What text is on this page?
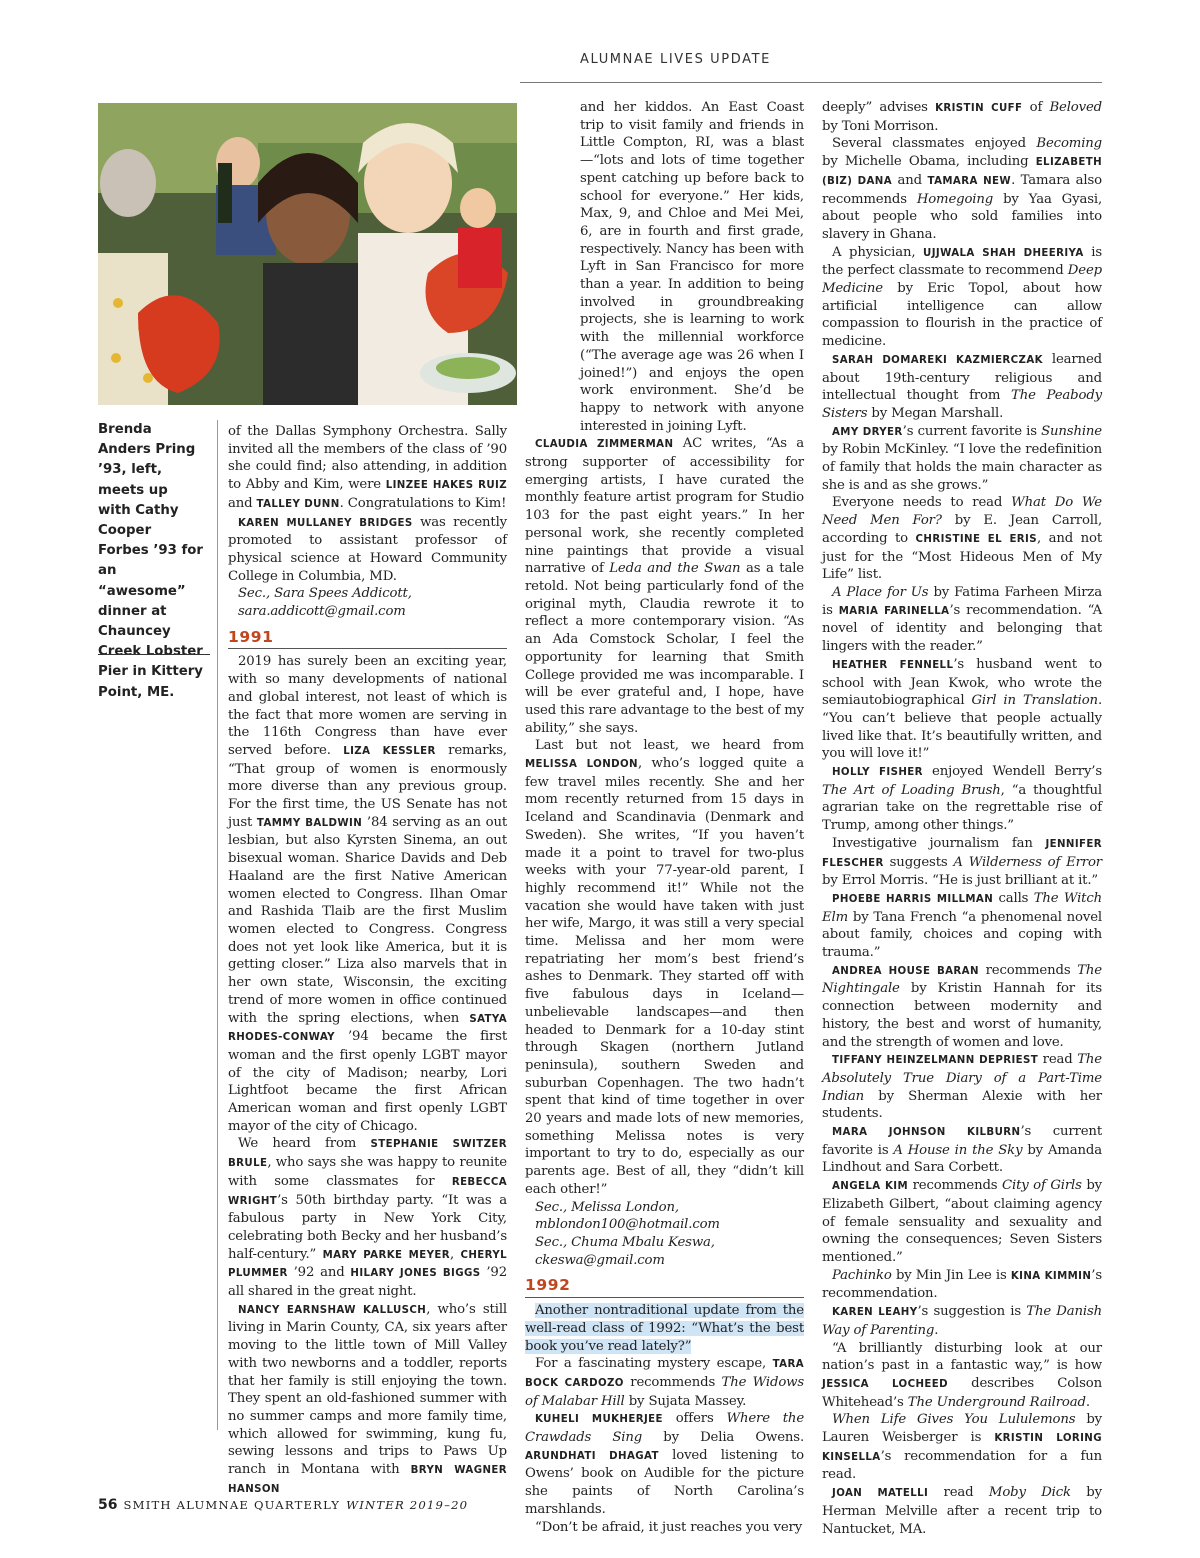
ALUMNAE LIVES UPDATE
Brenda Anders Pring ’93, left, meets up with Cathy Cooper Forbes ’93 for an “awesome” dinner at Chauncey Creek Lobster Pier in Kittery Point, ME.

of the Dallas Symphony Orchestra. Sally invited all the members of the class of ’90 she could find; also attending, in addition to Abby and Kim, were LINZEE HAKES RUIZ and TALLEY DUNN. Congratulations to Kim!

KAREN MULLANEY BRIDGES was recently promoted to assistant professor of physical science at Howard Community College in Columbia, MD.

Sec., Sara Spees Addicott,

sara.addicott@gmail.com

1991

2019 has surely been an exciting year, with so many developments of national and global interest, not least of which is the fact that more women are serving in the 116th Congress than have ever served before. LIZA KESSLER remarks, “That group of women is enormously more diverse than any previous group. For the first time, the US Senate has not just TAMMY BALDWIN ’84 serving as an out lesbian, but also Kyrsten Sinema, an out bisexual woman. Sharice Davids and Deb Haaland are the first Native American women elected to Congress. Ilhan Omar and Rashida Tlaib are the first Muslim women elected to Congress. Congress does not yet look like America, but it is getting closer.” Liza also marvels that in her own state, Wisconsin, the exciting trend of more women in office continued with the spring elections, when SATYA RHODES-CONWAY ’94 became the first woman and the first openly LGBT mayor of the city of Madison; nearby, Lori Lightfoot became the first African American woman and first openly LGBT mayor of the city of Chicago.

We heard from STEPHANIE SWITZER BRULE, who says she was happy to reunite with some classmates for REBECCA WRIGHT’s 50th birthday party. “It was a fabulous party in New York City, celebrating both Becky and her husband’s half-century.” MARY PARKE MEYER, CHERYL PLUMMER ’92 and HILARY JONES BIGGS ’92 all shared in the great night.

NANCY EARNSHAW KALLUSCH, who’s still living in Marin County, CA, six years after moving to the little town of Mill Valley with two newborns and a toddler, reports that her family is still enjoying the town. They spent an old-fashioned summer with no summer camps and more family time, which allowed for swimming, kung fu, sewing lessons and trips to Paws Up ranch in Montana with BRYN WAGNER HANSON

and her kiddos. An East Coast trip to visit family and friends in Little Compton, RI, was a blast—“lots and lots of time together spent catching up before back to school for everyone.” Her kids, Max, 9, and Chloe and Mei Mei, 6, are in fourth and first grade, respectively. Nancy has been with Lyft in San Francisco for more than a year. In addition to being involved in groundbreaking projects, she is learning to work with the millennial workforce (“The average age was 26 when I joined!”) and enjoys the open work environment. She’d be happy to network with anyone interested in joining Lyft.

CLAUDIA ZIMMERMAN AC writes, “As a strong supporter of accessibility for emerging artists, I have curated the monthly feature artist program for Studio 103 for the past eight years.” In her personal work, she recently completed nine paintings that provide a visual narrative of Leda and the Swan as a tale retold. Not being particularly fond of the original myth, Claudia rewrote it to reflect a more contemporary vision. “As an Ada Comstock Scholar, I feel the opportunity for learning that Smith College provided me was incomparable. I will be ever grateful and, I hope, have used this rare advantage to the best of my ability,” she says.

Last but not least, we heard from MELISSA LONDON, who’s logged quite a few travel miles recently. She and her mom recently returned from 15 days in Iceland and Scandinavia (Denmark and Sweden). She writes, “If you haven’t made it a point to travel for two-plus weeks with your 77-year-old parent, I highly recommend it!” While not the vacation she would have taken with just her wife, Margo, it was still a very special time. Melissa and her mom were repatriating her mom’s best friend’s ashes to Denmark. They started off with five fabulous days in Iceland—unbelievable landscapes—and then headed to Denmark for a 10-day stint through Skagen (northern Jutland peninsula), southern Sweden and suburban Copenhagen. The two hadn’t spent that kind of time together in over 20 years and made lots of new memories, something Melissa notes is very important to try to do, especially as our parents age. Best of all, they “didn’t kill each other!”

Sec., Melissa London,

mblondon100@hotmail.com

Sec., Chuma Mbalu Keswa,

ckeswa@gmail.com

1992

Another nontraditional update from the well-read class of 1992: “What’s the best book you’ve read lately?”

For a fascinating mystery escape, TARA BOCK CARDOZO recommends The Widows of Malabar Hill by Sujata Massey.

KUHELI MUKHERJEE offers Where the Crawdads Sing by Delia Owens. ARUNDHATI DHAGAT loved listening to Owens’ book on Audible for the picture she paints of North Carolina’s marshlands.

“Don’t be afraid, it just reaches you very

deeply” advises KRISTIN CUFF of Beloved by Toni Morrison.

Several classmates enjoyed Becoming by Michelle Obama, including ELIZABETH (BIZ) DANA and TAMARA NEW. Tamara also recommends Homegoing by Yaa Gyasi, about people who sold families into slavery in Ghana.

A physician, UJJWALA SHAH DHEERIYA is the perfect classmate to recommend Deep Medicine by Eric Topol, about how artificial intelligence can allow compassion to flourish in the practice of medicine.

SARAH DOMAREKI KAZMIERCZAK learned about 19th-century religious and intellectual thought from The Peabody Sisters by Megan Marshall.

AMY DRYER’s current favorite is Sunshine by Robin McKinley. “I love the redefinition of family that holds the main character as she is and as she grows.”

Everyone needs to read What Do We Need Men For? by E. Jean Carroll, according to CHRISTINE EL ERIS, and not just for the “Most Hideous Men of My Life” list.

A Place for Us by Fatima Farheen Mirza is MARIA FARINELLA’s recommendation. “A novel of identity and belonging that lingers with the reader.”

HEATHER FENNELL’s husband went to school with Jean Kwok, who wrote the semiautobiographical Girl in Translation. “You can’t believe that people actually lived like that. It’s beautifully written, and you will love it!”

HOLLY FISHER enjoyed Wendell Berry’s The Art of Loading Brush, “a thoughtful agrarian take on the regrettable rise of Trump, among other things.”

Investigative journalism fan JENNIFER FLESCHER suggests A Wilderness of Error by Errol Morris. “He is just brilliant at it.”

PHOEBE HARRIS MILLMAN calls The Witch Elm by Tana French “a phenomenal novel about family, choices and coping with trauma.”

ANDREA HOUSE BARAN recommends The Nightingale by Kristin Hannah for its connection between modernity and history, the best and worst of humanity, and the strength of women and love.

TIFFANY HEINZELMANN DEPRIEST read The Absolutely True Diary of a Part-Time Indian by Sherman Alexie with her students.

MARA JOHNSON KILBURN’s current favorite is A House in the Sky by Amanda Lindhout and Sara Corbett.

ANGELA KIM recommends City of Girls by Elizabeth Gilbert, “about claiming agency of female sensuality and sexuality and owning the consequences; Seven Sisters mentioned.”

Pachinko by Min Jin Lee is KINA KIMMIN’s recommendation.

KAREN LEAHY’s suggestion is The Danish Way of Parenting.

“A brilliantly disturbing look at our nation’s past in a fantastic way,” is how JESSICA LOCHEED describes Colson Whitehead’s The Underground Railroad.

When Life Gives You Lululemons by Lauren Weisberger is KRISTIN LORING KINSELLA’s recommendation for a fun read.

JOAN MATELLI read Moby Dick by Herman Melville after a recent trip to Nantucket, MA.

56 SMITH ALUMNAE QUARTERLY WINTER 2019–20
